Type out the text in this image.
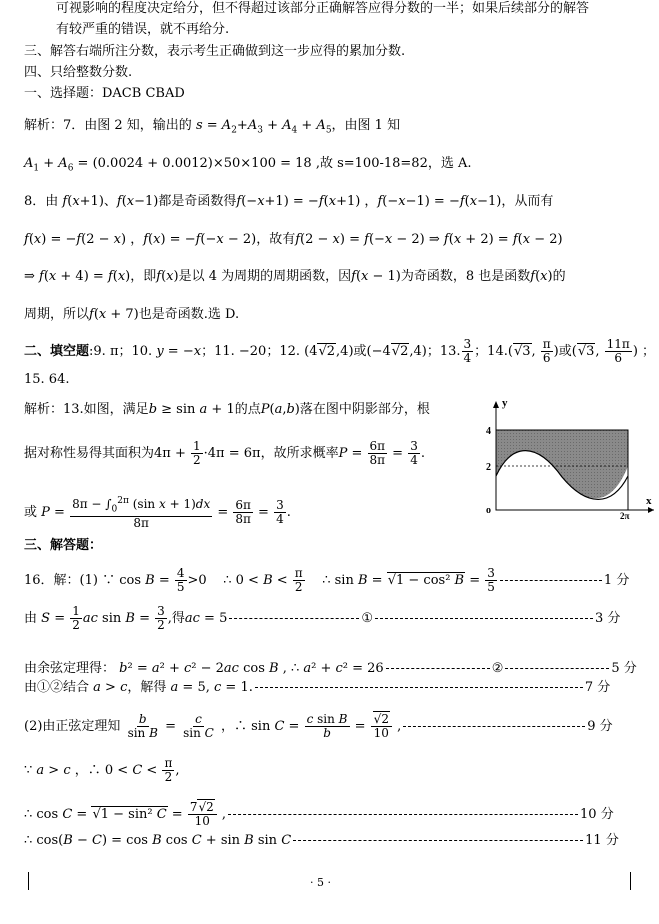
可视影响的程度决定给分，但不得超过该部分正确解答应得分数的一半；如果后续部分的解答
有较严重的错误，就不再给分.
三、解答右端所注分数，表示考生正确做到这一步应得的累加分数.
四、只给整数分数.
一、选择题：DACB CBAD
解析：7．由图 2 知，输出的 $s = A_2+A_3 + A_4 + A_5$，由图 1 知
$A_1 + A_6 = (0.0024 + 0.0012)\times 50\times 100 = 18$ ,故 s=100-18=82，选 A.
8．由 f(x+1)、f(x−1)都是奇函数得f(−x+1) = −f(x+1) ，f(−x−1) = −f(x−1)，从而有
f(x) = −f(2 − x) ，f(x) = −f(−x − 2)，故有f(2 − x) = f(−x − 2) ⇒ f(x + 2) = f(x − 2)
⇒ f(x + 4) = f(x)，即f(x)是以 4 为周期的周期函数，因f(x − 1)为奇函数，8 也是函数f(x)的
周期，所以f(x + 7)也是奇函数.选 D.
二、填空题:9. π；10. y = −x；11. −20；12. (4√2,4)或(−4√2,4)；13. $\frac{3}{4}$ ；14.(√3, $\frac{\pi}{6}$ )或(√3, $\frac{11\pi}{6}$ ) ；
15. 64.
解析：13.如图，满足b ≥ sin a + 1的点P(a,b)落在图中阴影部分，根
据对称性易得其面积为$4\pi + \frac{1}{2} \cdot 4\pi = 6\pi$，故所求概率$P = \frac{6\pi}{8\pi} = \frac{3}{4}$ .
或 $P = \frac{8\pi - \int_0^{2\pi} (\sin x + 1)dx}{8\pi} = \frac{6\pi}{8\pi} = \frac{3}{4}$ .
y
x
4
2
o	2π
三、解答题：
16．解：(1) ∵ $\cos B = \frac{4}{5} >0$    ∴ $0 < B < \frac{\pi}{2}$ ∴ sin B = √1 − cos² $B = \frac{3}{5}$	1 分
由 $S = \frac{1}{2}$ ac $\sin B = \frac{3}{2}$ ,得ac = 5	①	3 分
由余弦定理得： b² = a² + c² − 2ac cos B , ∴ a² + c² = 26	②	5 分
由①②结合 a > c，解得 a = 5, c = 1.	7 分
(2)由正弦定理知 $\frac{b}{\text{sin B}} = \frac{c}{\text{sin C}}$ ，∴ $\sin C = \frac{\text{c sin B}}{b} = \frac{√2}{10}$ ,	9 分
∵ a > c ，∴ $0 < C < \frac{\pi}{2}$ ,
∴ cos C = √1 − sin² $C = \frac{7√2}{10}$ ,	10 分
∴ cos(B − C) = cos B cos C + sin B sin C	11 分
· 5 ·
